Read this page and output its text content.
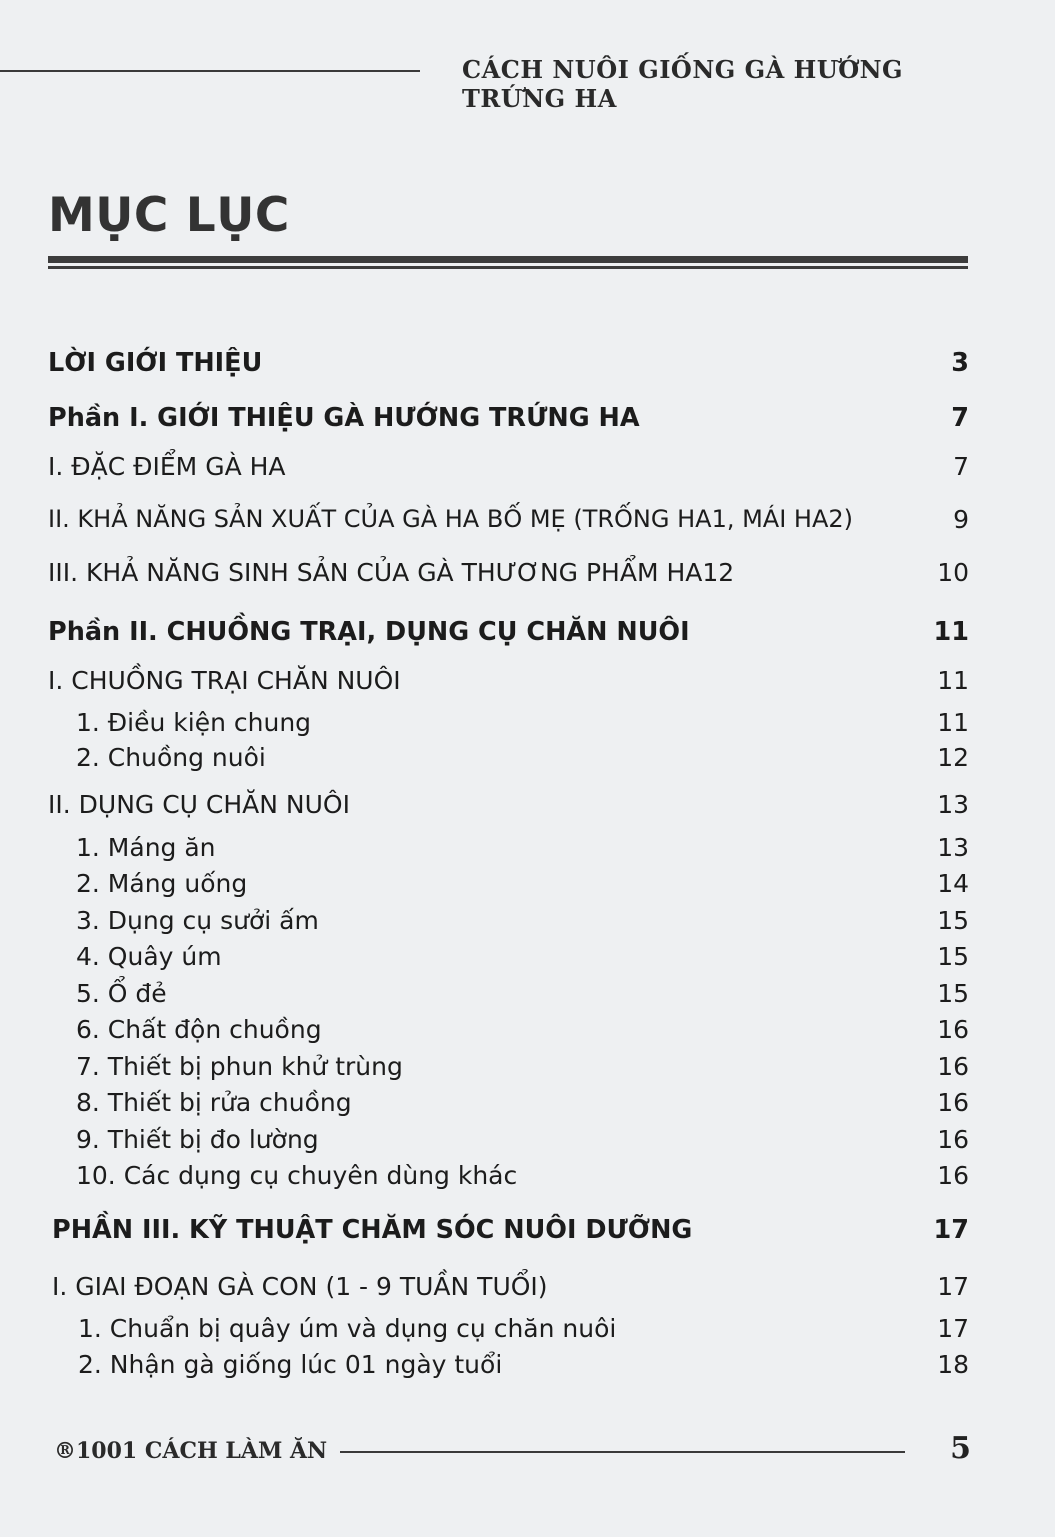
CÁCH NUÔI GIỐNG GÀ HƯỚNG TRỨNG HA
MỤC LỤC
LỜI GIỚI THIỆU	3
Phần I. GIỚI THIỆU GÀ HƯỚNG TRỨNG HA	7
I. ĐẶC ĐIỂM GÀ HA	7
II. KHẢ NĂNG SẢN XUẤT CỦA GÀ HA BỐ MẸ (TRỐNG HA1, MÁI HA2)	9
III. KHẢ NĂNG SINH SẢN CỦA GÀ THƯƠNG PHẨM HA12	10
Phần II. CHUỒNG TRẠI, DỤNG CỤ CHĂN NUÔI	11
I. CHUỒNG TRẠI CHĂN NUÔI	11
1. Điều kiện chung	11
2. Chuồng nuôi	12
II. DỤNG CỤ CHĂN NUÔI	13
1. Máng ăn	13
2. Máng uống	14
3. Dụng cụ sưởi ấm	15
4. Quây úm	15
5. Ổ đẻ	15
6. Chất độn chuồng	16
7. Thiết bị phun khử trùng	16
8. Thiết bị rửa chuồng	16
9. Thiết bị đo lường	16
10. Các dụng cụ chuyên dùng khác	16
PHẦN III. KỸ THUẬT CHĂM SÓC NUÔI DƯỠNG	17
I. GIAI ĐOẠN GÀ CON (1 - 9 TUẦN TUỔI)	17
1. Chuẩn bị quây úm và dụng cụ chăn nuôi	17
2. Nhận gà giống lúc 01 ngày tuổi	18
®1001 CÁCH LÀM ĂN	5
